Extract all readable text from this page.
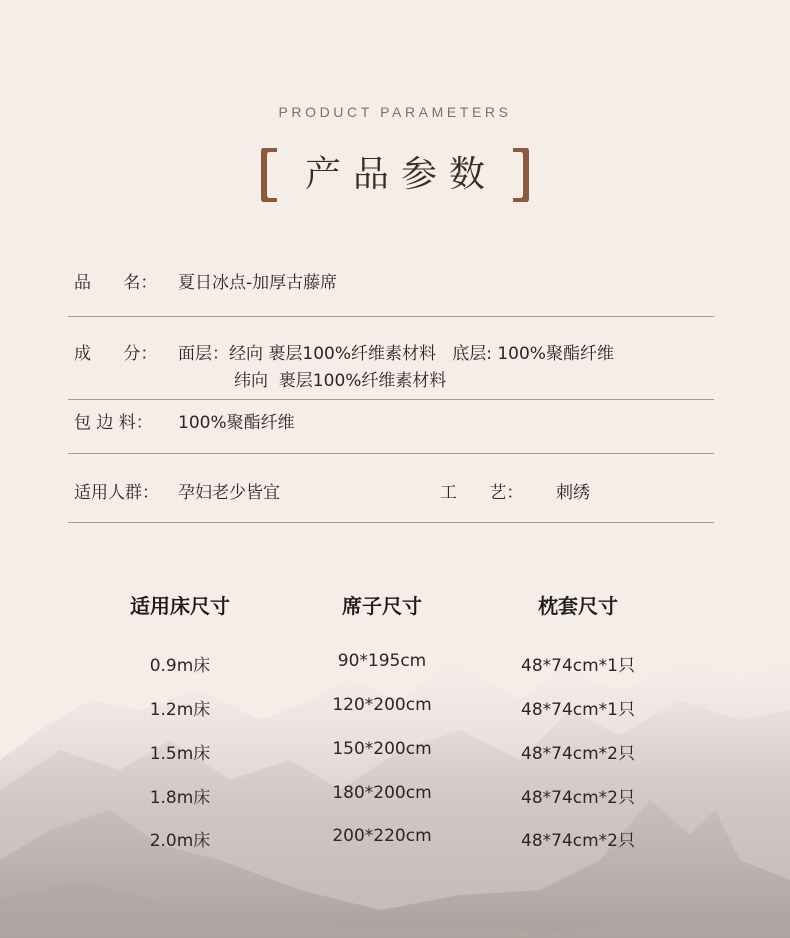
PRODUCT PARAMETERS
产品参数
品      名： 夏日冰点-加厚古藤席
成      分： 面层：经向 裹层100%纤维素材料   底层: 100%聚酯纤维
纬向  裹层100%纤维素材料
包 边 料： 100%聚酯纤维
适用人群： 孕妇老少皆宜	工      艺： 刺绣
适用床尺寸	席子尺寸	枕套尺寸
0.9m床	90*195cm	48*74cm*1只
1.2m床	120*200cm	48*74cm*1只
1.5m床	150*200cm	48*74cm*2只
1.8m床	180*200cm	48*74cm*2只
2.0m床	200*220cm	48*74cm*2只
